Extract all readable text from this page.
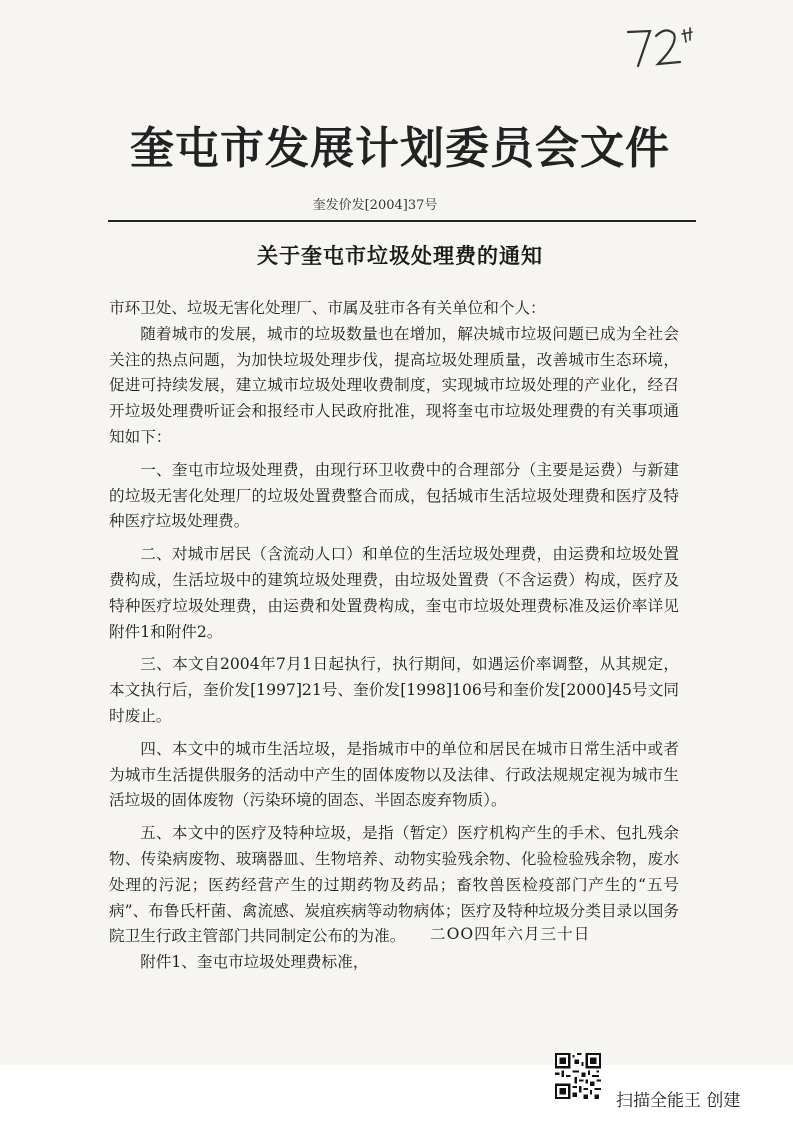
奎屯市发展计划委员会文件
奎发价发[2004]37号
关于奎屯市垃圾处理费的通知

市环卫处、垃圾无害化处理厂、市属及驻市各有关单位和个人：

随着城市的发展，城市的垃圾数量也在增加，解决城市垃圾问题已成为全社会关注的热点问题，为加快垃圾处理步伐，提高垃圾处理质量，改善城市生态环境，促进可持续发展，建立城市垃圾处理收费制度，实现城市垃圾处理的产业化，经召开垃圾处理费听证会和报经市人民政府批准，现将奎屯市垃圾处理费的有关事项通知如下：

一、奎屯市垃圾处理费，由现行环卫收费中的合理部分（主要是运费）与新建的垃圾无害化处理厂的垃圾处置费整合而成，包括城市生活垃圾处理费和医疗及特种医疗垃圾处理费。

二、对城市居民（含流动人口）和单位的生活垃圾处理费，由运费和垃圾处置费构成，生活垃圾中的建筑垃圾处理费，由垃圾处置费（不含运费）构成，医疗及特种医疗垃圾处理费，由运费和处置费构成，奎屯市垃圾处理费标准及运价率详见附件1和附件2。

三、本文自2004年7月1日起执行，执行期间，如遇运价率调整，从其规定，本文执行后，奎价发[1997]21号、奎价发[1998]106号和奎价发[2000]45号文同时废止。

四、本文中的城市生活垃圾，是指城市中的单位和居民在城市日常生活中或者为城市生活提供服务的活动中产生的固体废物以及法律、行政法规规定视为城市生活垃圾的固体废物（污染环境的固态、半固态废弃物质）。

五、本文中的医疗及特种垃圾，是指（暂定）医疗机构产生的手术、包扎残余物、传染病废物、玻璃器皿、生物培养、动物实验残余物、化验检验残余物，废水处理的污泥；医药经营产生的过期药物及药品；畜牧兽医检疫部门产生的“五号病”、布鲁氏杆菌、禽流感、炭疽疾病等动物病体；医疗及特种垃圾分类目录以国务院卫生行政主管部门共同制定公布的为准。

附件1、奎屯市垃圾处理费标准，

二OO四年六月三十日
扫描全能王 创建
